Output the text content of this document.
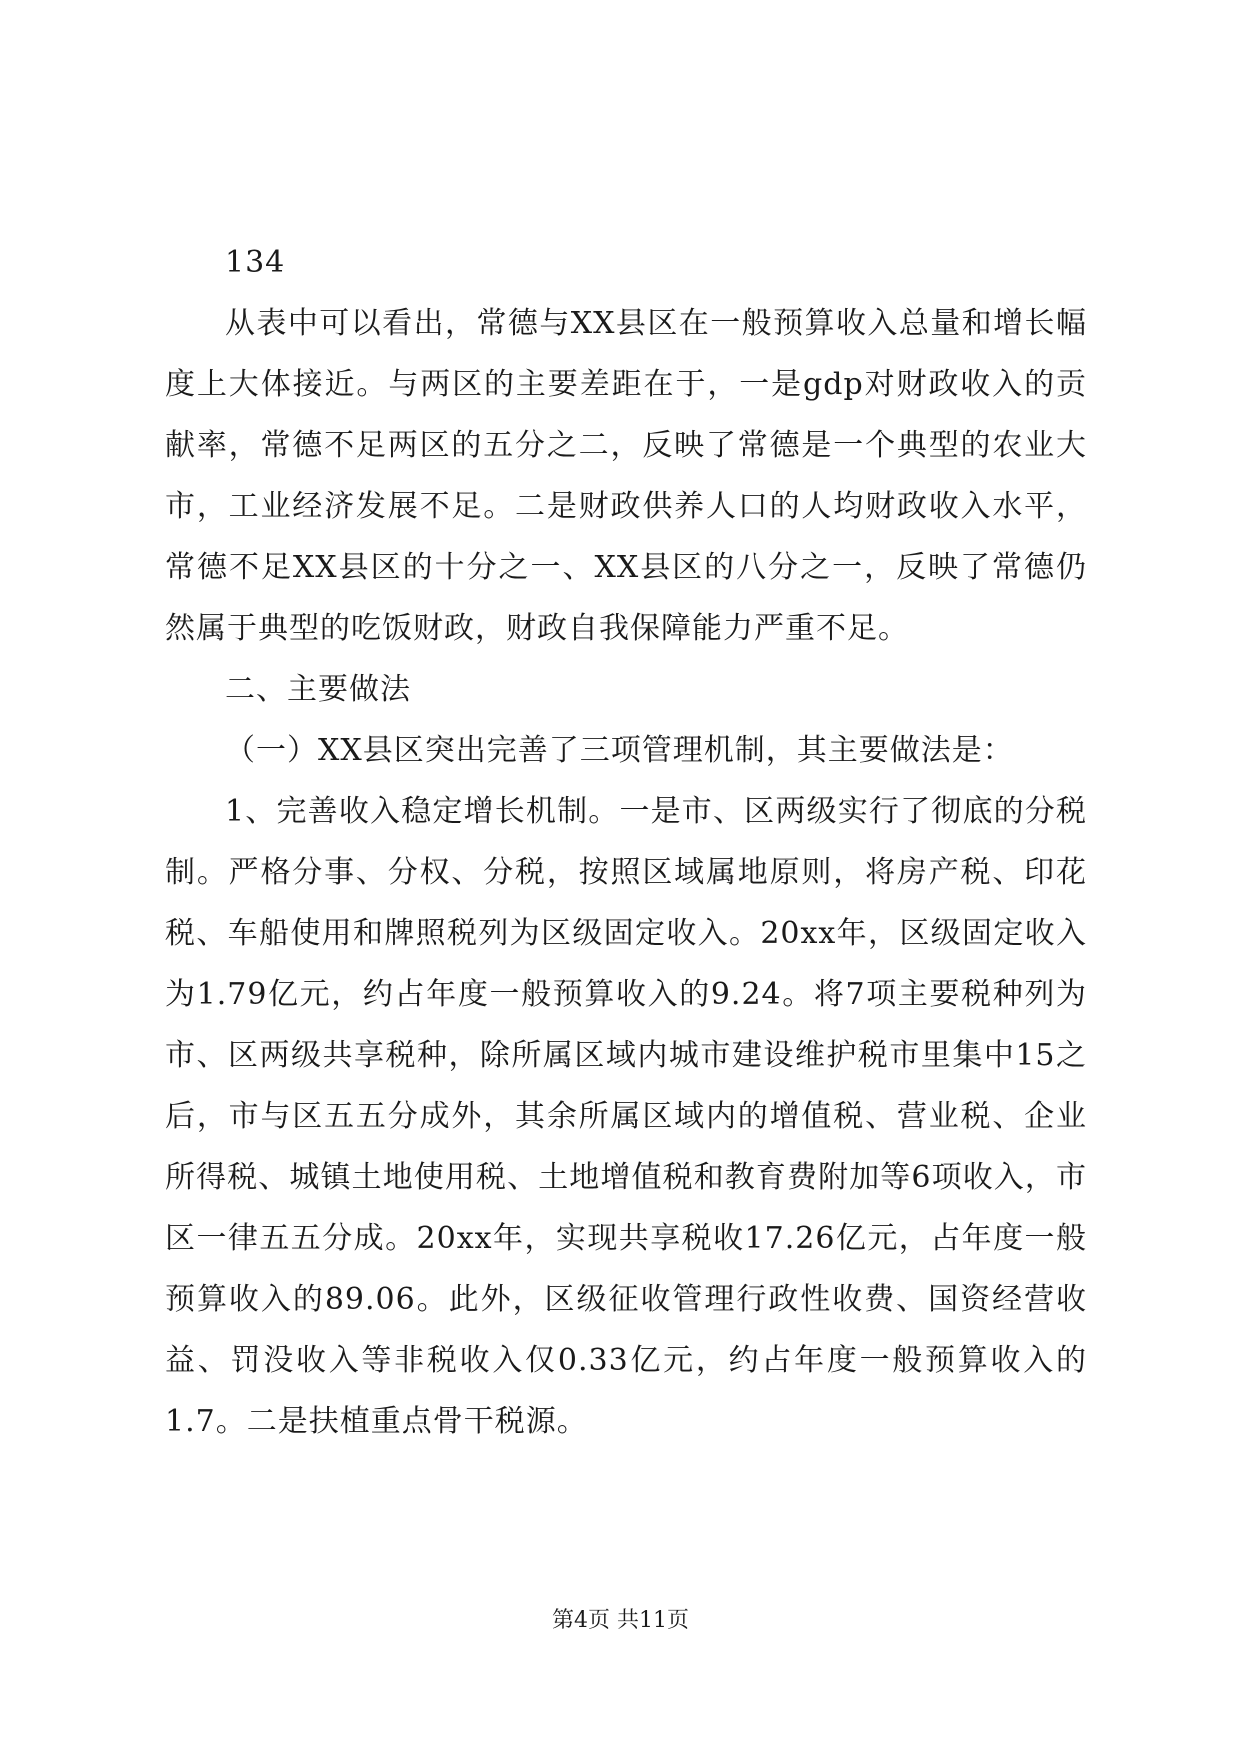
134

从表中可以看出，常德与XX县区在一般预算收入总量和增长幅度上大体接近。与两区的主要差距在于，一是gdp对财政收入的贡献率，常德不足两区的五分之二，反映了常德是一个典型的农业大市，工业经济发展不足。二是财政供养人口的人均财政收入水平，常德不足XX县区的十分之一、XX县区的八分之一，反映了常德仍然属于典型的吃饭财政，财政自我保障能力严重不足。

二、主要做法

（一）XX县区突出完善了三项管理机制，其主要做法是：

1、完善收入稳定增长机制。一是市、区两级实行了彻底的分税制。严格分事、分权、分税，按照区域属地原则，将房产税、印花税、车船使用和牌照税列为区级固定收入。20xx年，区级固定收入为1.79亿元，约占年度一般预算收入的9.24。将7项主要税种列为市、区两级共享税种，除所属区域内城市建设维护税市里集中15之后，市与区五五分成外，其余所属区域内的增值税、营业税、企业所得税、城镇土地使用税、土地增值税和教育费附加等6项收入，市区一律五五分成。20xx年，实现共享税收17.26亿元，占年度一般预算收入的89.06。此外，区级征收管理行政性收费、国资经营收益、罚没收入等非税收入仅0.33亿元，约占年度一般预算收入的1.7。二是扶植重点骨干税源。

第4页 共11页
